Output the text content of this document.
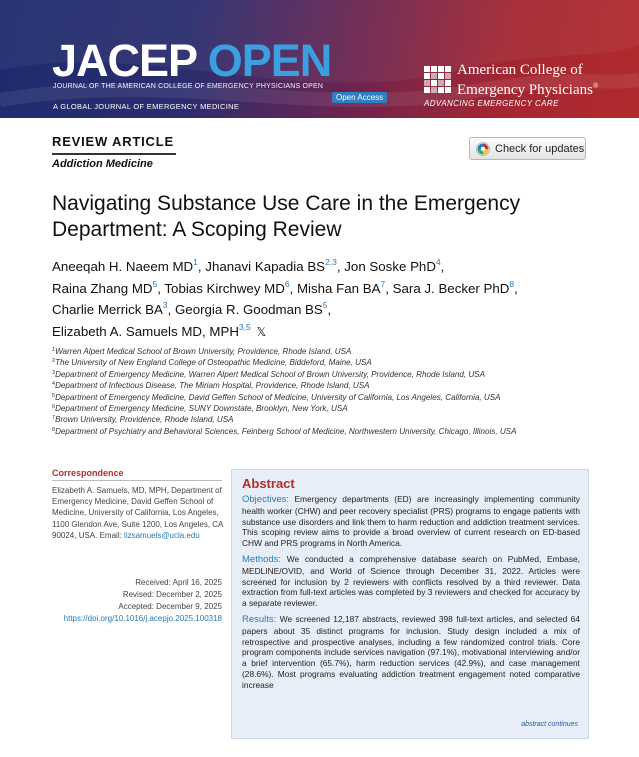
JACEP OPEN
JOURNAL OF THE AMERICAN COLLEGE OF EMERGENCY PHYSICIANS OPEN
Open Access
A GLOBAL JOURNAL OF EMERGENCY MEDICINE
American College of
Emergency Physicians®
ADVANCING EMERGENCY CARE
REVIEW ARTICLE
Addiction Medicine
Check for updates
Navigating Substance Use Care in the Emergency Department: A Scoping Review
Aneeqah H. Naeem $MD^1$, Jhanavi Kapadia BS$^{2,3}$, Jon Soske PhD$^4$,
Raina Zhang $MD^5$, Tobias Kirchwey $MD^6$, Misha Fan $BA^7$, Sara J. Becker PhD$^8$,
Charlie Merrick $BA^3$, Georgia R. Goodman $BS^5$,
Elizabeth A. Samuels MD, MPH$^{3,5}$ 𝕏
$^1$Warren Alpert Medical School of Brown University, Providence, Rhode Island, USA
$^2$The University of New England College of Osteopathic Medicine, Biddeford, Maine, USA
$^3$Department of Emergency Medicine, Warren Alpert Medical School of Brown University, Providence, Rhode Island, USA
$^4$Department of Infectious Disease, The Miriam Hospital, Providence, Rhode Island, USA
$^5$Department of Emergency Medicine, David Geffen School of Medicine, University of California, Los Angeles, California, USA
$^6$Department of Emergency Medicine, SUNY Downstate, Brooklyn, New York, USA
$^7$Brown University, Providence, Rhode Island, USA
$^8$Department of Psychiatry and Behavioral Sciences, Feinberg School of Medicine, Northwestern University, Chicago, Illinois, USA
Correspondence
Elizabeth A. Samuels, MD, MPH, Department of Emergency Medicine, David Geffen School of Medicine, University of California, Los Angeles, 1100 Glendon Ave, Suite 1200, Los Angeles, CA 90024, USA. Email: lizsamuels@ucla.edu
Received: April 16, 2025
Revised: December 2, 2025
Accepted: December 9, 2025
https://doi.org/10.1016/j.acepjo.2025.100318
Abstract

Objectives: Emergency departments (ED) are increasingly implementing community health worker (CHW) and peer recovery specialist (PRS) programs to engage patients with substance use disorders and link them to harm reduction and addiction treatment services. This scoping review aims to provide a broad overview of current research on ED-based CHW and PRS programs in North America.

Methods: We conducted a comprehensive database search on PubMed, Embase, MEDLINE/OVID, and World of Science through December 31, 2022. Articles were screened for inclusion by 2 reviewers with conflicts resolved by a third reviewer. Data extraction from full-text articles was completed by 3 reviewers and checked for accuracy by a separate reviewer.

Results: We screened 12,187 abstracts, reviewed 398 full-text articles, and selected 64 papers about 35 distinct programs for inclusion. Study design included a mix of retrospective and prospective analyses, including a few randomized control trials. Core program components include services navigation (97.1%), motivational interviewing and/or a brief intervention (65.7%), harm reduction services (42.9%), and case management (28.6%). Most programs evaluating addiction treatment engagement noted comparative increase

abstract continues
